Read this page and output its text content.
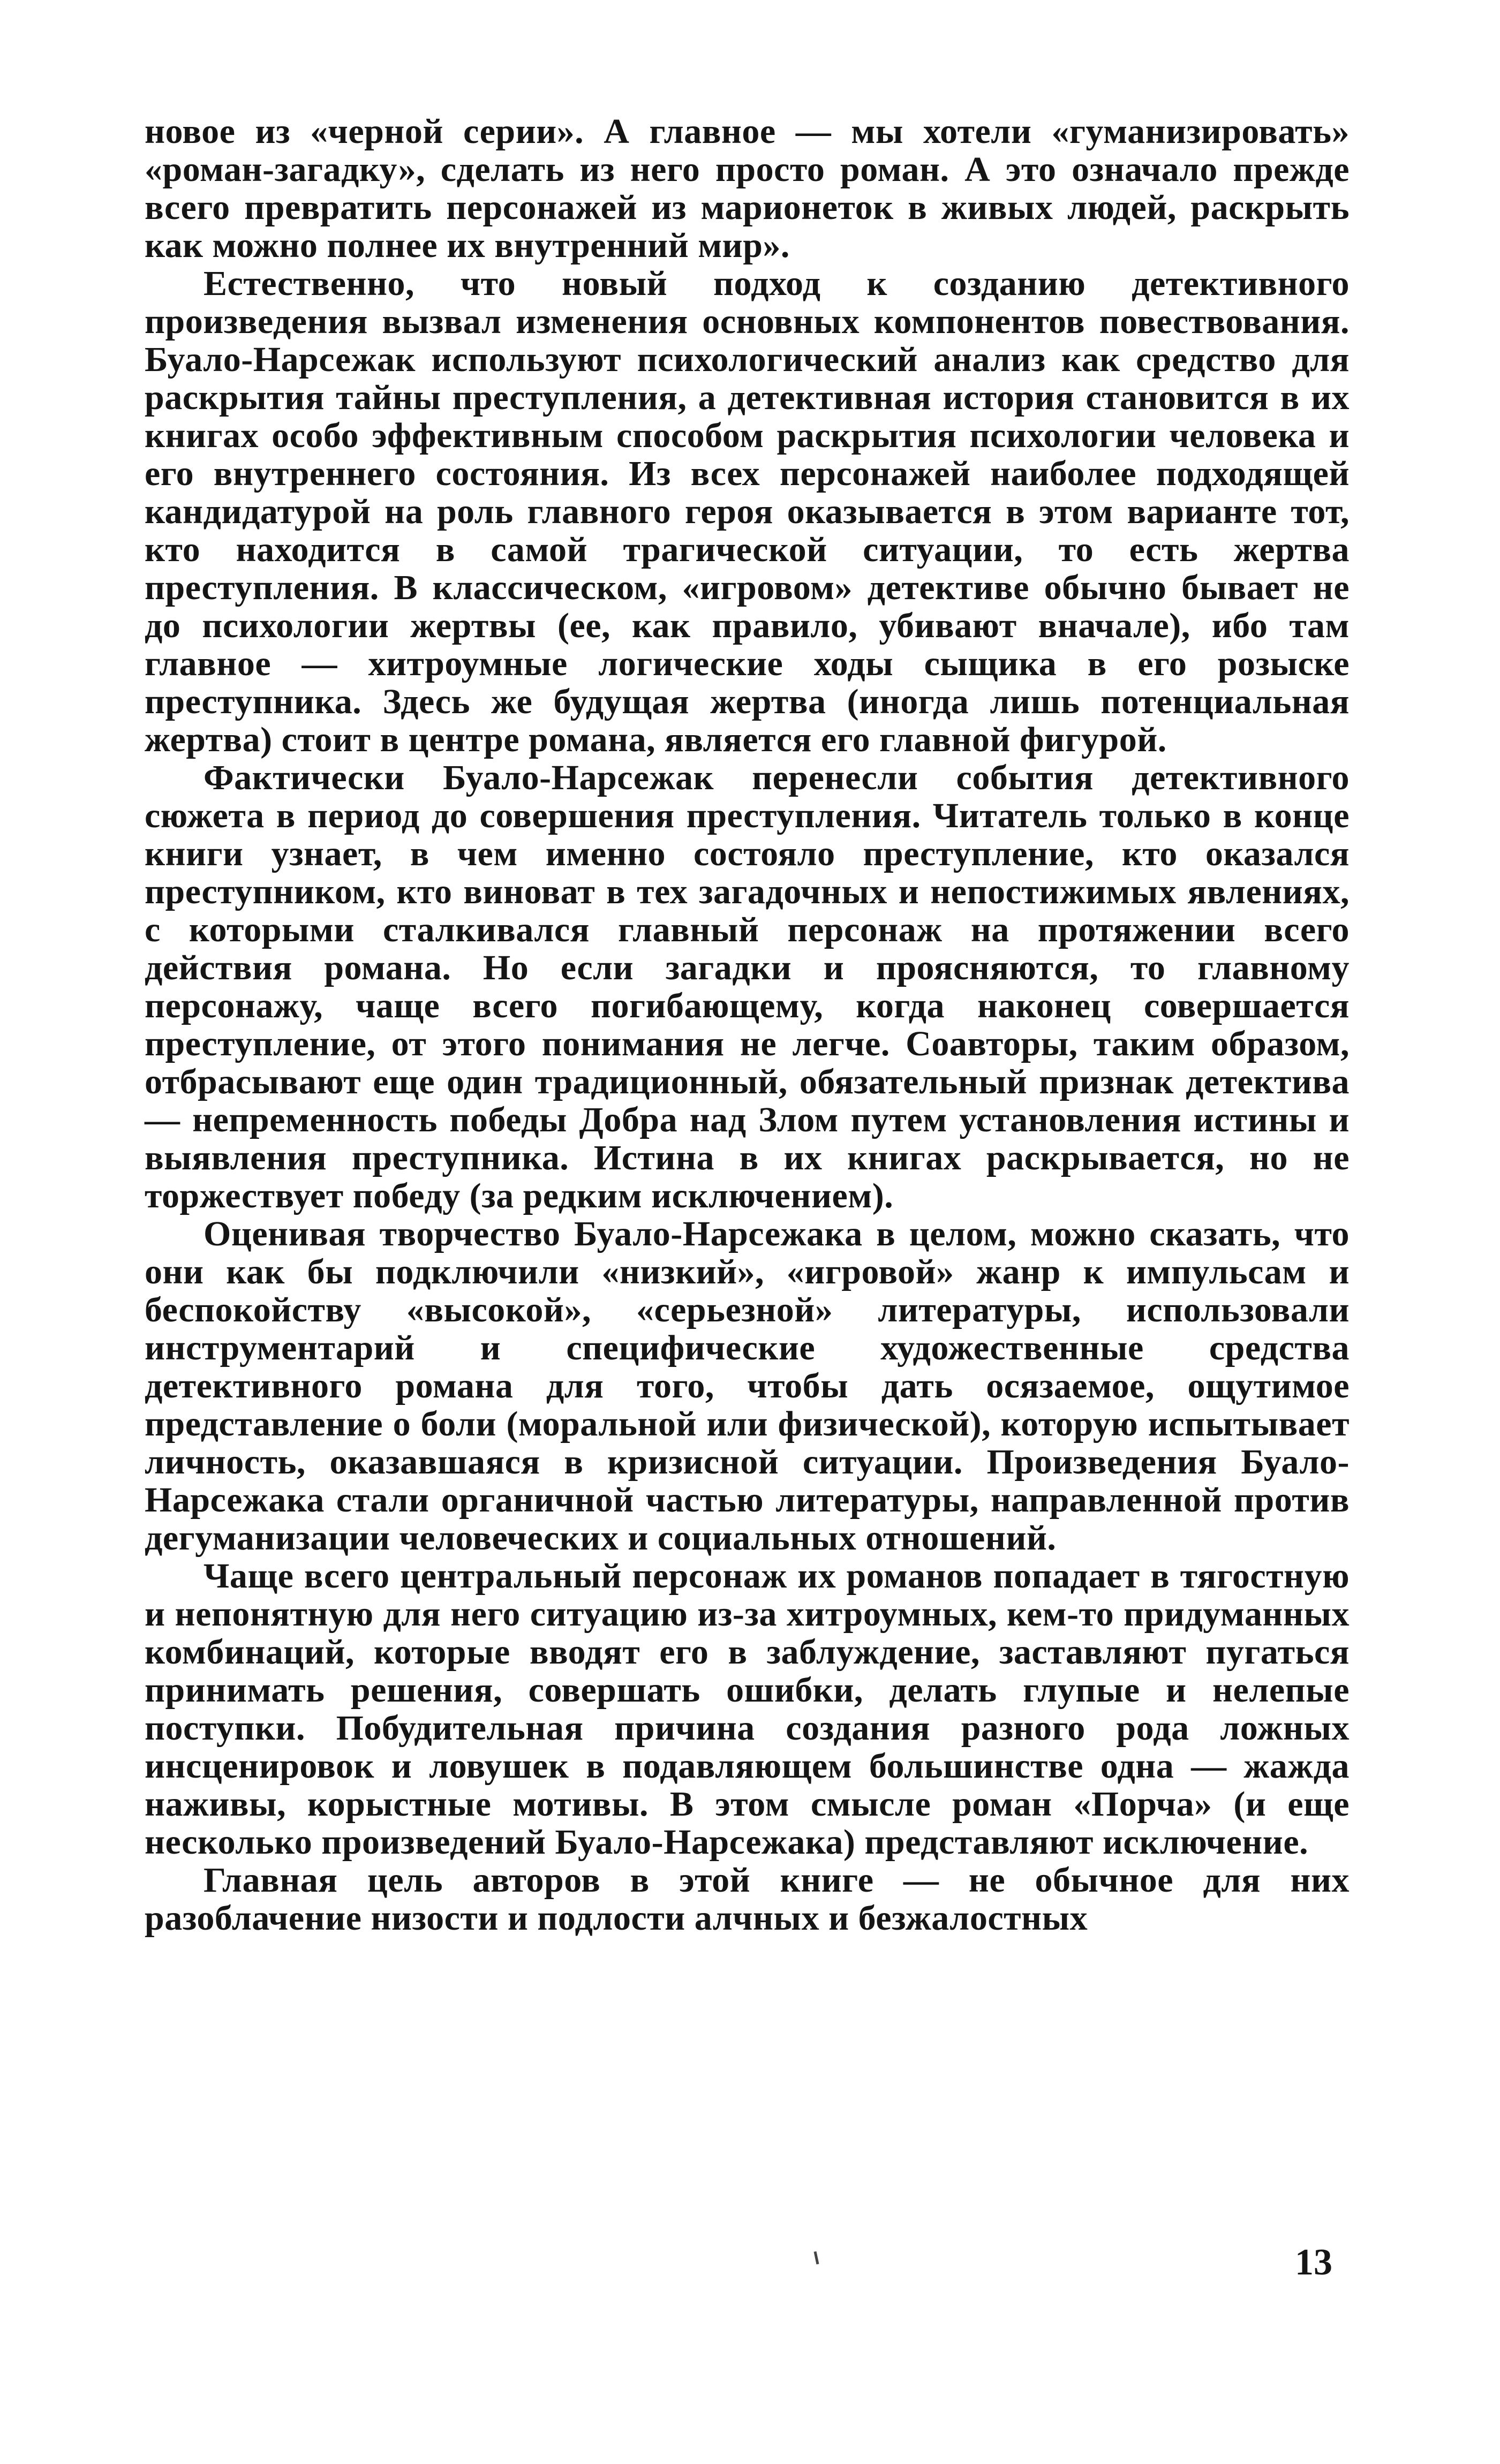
новое из «черной серии». А главное — мы хотели «гуманизировать» «роман-загадку», сделать из него просто роман. А это означало прежде всего превратить персонажей из марионеток в живых людей, раскрыть как можно полнее их внутренний мир».

Естественно, что новый подход к созданию детективного произведения вызвал изменения основных компонентов повествования. Буало-Нарсежак используют психологический анализ как средство для раскрытия тайны преступления, а детективная история становится в их книгах особо эффективным способом раскрытия психологии человека и его внутреннего состояния. Из всех персонажей наиболее подходящей кандидатурой на роль главного героя оказывается в этом варианте тот, кто находится в самой трагической ситуации, то есть жертва преступления. В классическом, «игровом» детективе обычно бывает не до психологии жертвы (ее, как правило, убивают вначале), ибо там главное — хитроумные логические ходы сыщика в его розыске преступника. Здесь же будущая жертва (иногда лишь потенциальная жертва) стоит в центре романа, является его главной фигурой.

Фактически Буало-Нарсежак перенесли события детективного сюжета в период до совершения преступления. Читатель только в конце книги узнает, в чем именно состояло преступление, кто оказался преступником, кто виноват в тех загадочных и непостижимых явлениях, с которыми сталкивался главный персонаж на протяжении всего действия романа. Но если загадки и проясняются, то главному персонажу, чаще всего погибающему, когда наконец совершается преступление, от этого понимания не легче. Соавторы, таким образом, отбрасывают еще один традиционный, обязательный признак детектива — непременность победы Добра над Злом путем установления истины и выявления преступника. Истина в их книгах раскрывается, но не торжествует победу (за редким исключением).

Оценивая творчество Буало-Нарсежака в целом, можно сказать, что они как бы подключили «низкий», «игровой» жанр к импульсам и беспокойству «высокой», «серьезной» литературы, использовали инструментарий и специфические художественные средства детективного романа для того, чтобы дать осязаемое, ощутимое представление о боли (моральной или физической), которую испытывает личность, оказавшаяся в кризисной ситуации. Произведения Буало-Нарсежака стали органичной частью литературы, направленной против дегуманизации человеческих и социальных отношений.

Чаще всего центральный персонаж их романов попадает в тягостную и непонятную для него ситуацию из-за хитроумных, кем-то придуманных комбинаций, которые вводят его в заблуждение, заставляют пугаться принимать решения, совершать ошибки, делать глупые и нелепые поступки. Побудительная причина создания разного рода ложных инсценировок и ловушек в подавляющем большинстве одна — жажда наживы, корыстные мотивы. В этом смысле роман «Порча» (и еще несколько произведений Буало-Нарсежака) представляют исключение.

Главная цель авторов в этой книге — не обычное для них разоблачение низости и подлости алчных и безжалостных

13
